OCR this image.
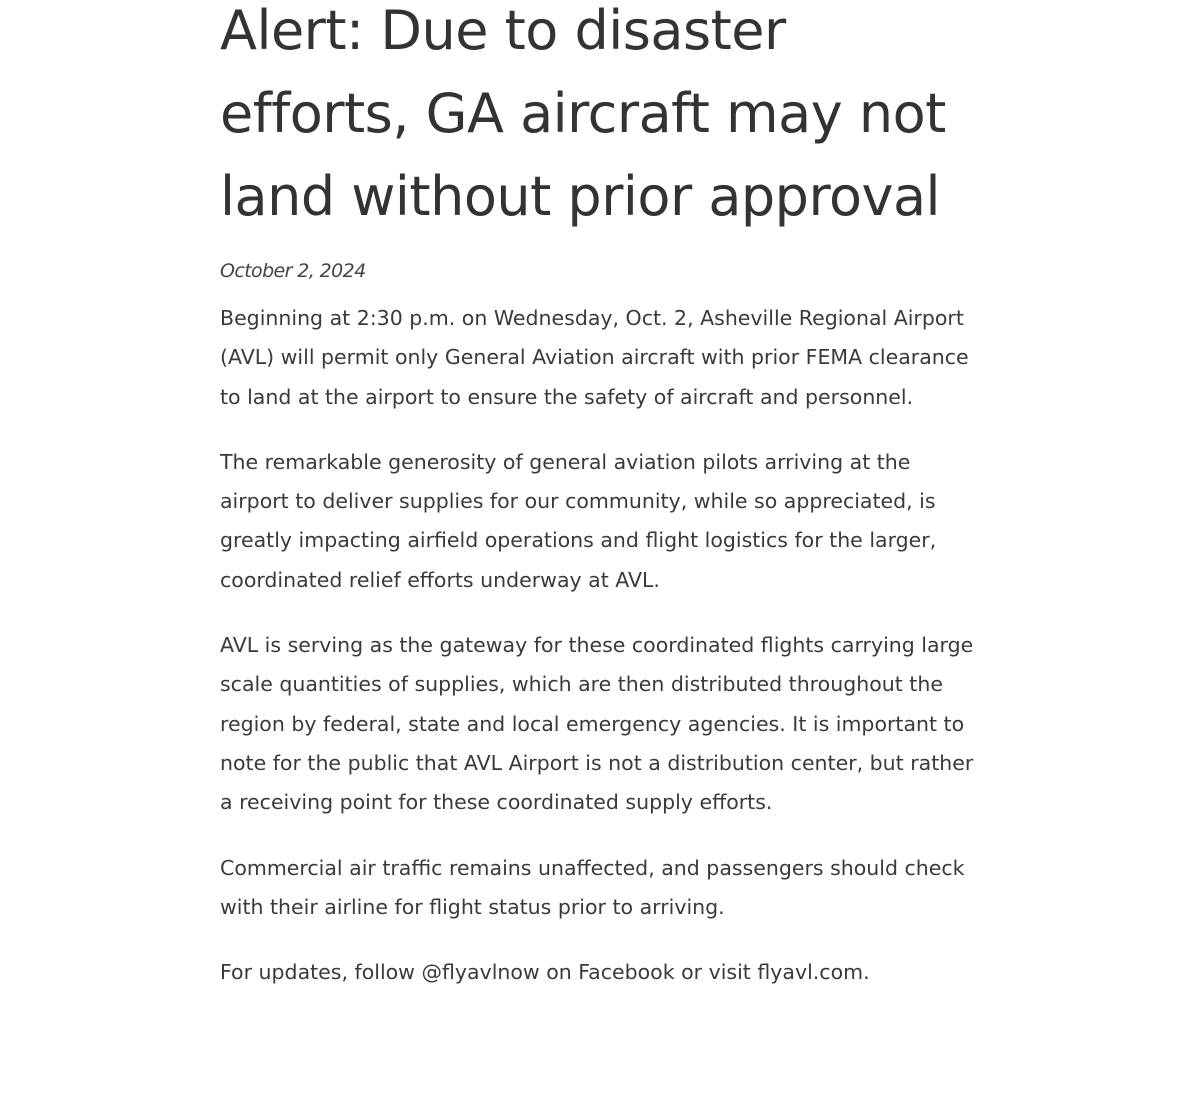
Alert: Due to disaster efforts, GA aircraft may not land without prior approval
October 2, 2024

Beginning at 2:30 p.m. on Wednesday, Oct. 2, Asheville Regional Airport (AVL) will permit only General Aviation aircraft with prior FEMA clearance to land at the airport to ensure the safety of aircraft and personnel.

The remarkable generosity of general aviation pilots arriving at the airport to deliver supplies for our community, while so appreciated, is greatly impacting airfield operations and flight logistics for the larger, coordinated relief efforts underway at AVL.

AVL is serving as the gateway for these coordinated flights carrying large scale quantities of supplies, which are then distributed throughout the region by federal, state and local emergency agencies. It is important to note for the public that AVL Airport is not a distribution center, but rather a receiving point for these coordinated supply efforts.

Commercial air traffic remains unaffected, and passengers should check with their airline for flight status prior to arriving.

For updates, follow @flyavlnow on Facebook or visit flyavl.com.
